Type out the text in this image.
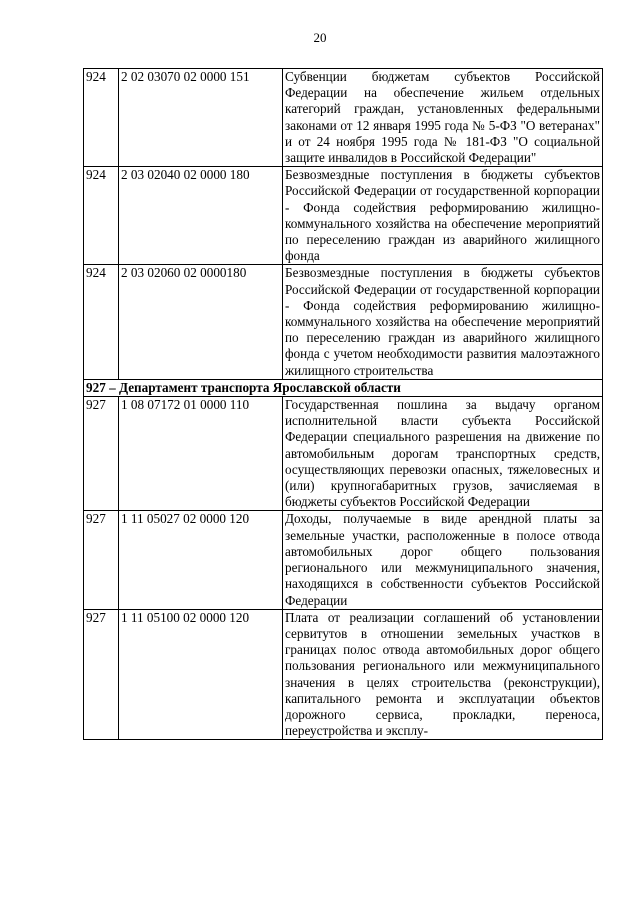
20
924	2 02 03070 02 0000 151	Субвенции бюджетам субъектов Российской Федерации на обеспечение жильем отдельных категорий граждан, установленных федеральными законами от 12 января 1995 года № 5-ФЗ "О ветеранах" и от 24 ноября 1995 года № 181-ФЗ "О социальной защите инвалидов в Российской Федерации"
924	2 03 02040 02 0000 180	Безвозмездные поступления в бюджеты субъектов Российской Федерации от государственной корпорации - Фонда содействия реформированию жилищно-коммунального хозяйства на обеспечение мероприятий по переселению граждан из аварийного жилищного фонда
924	2 03 02060 02 0000180	Безвозмездные поступления в бюджеты субъектов Российской Федерации от государственной корпорации - Фонда содействия реформированию жилищно-коммунального хозяйства на обеспечение мероприятий по переселению граждан из аварийного жилищного фонда с учетом необходимости развития малоэтажного жилищного строительства
927 – Департамент транспорта Ярославской области		
927	1 08 07172 01 0000 110	Государственная пошлина за выдачу органом исполнительной власти субъекта Российской Федерации специального разрешения на движение по автомобильным дорогам транспортных средств, осуществляющих перевозки опасных, тяжеловесных и (или) крупногабаритных грузов, зачисляемая в бюджеты субъектов Российской Федерации
927	1 11 05027 02 0000 120	Доходы, получаемые в виде арендной платы за земельные участки, расположенные в полосе отвода автомобильных дорог общего пользования регионального или межмуниципального значения, находящихся в собственности субъектов Российской Федерации
927	1 11 05100 02 0000 120	Плата от реализации соглашений об установлении сервитутов в отношении земельных участков в границах полос отвода автомобильных дорог общего пользования регионального или межмуниципального значения в целях строительства (реконструкции), капитального ремонта и эксплуатации объектов дорожного сервиса, прокладки, переноса, переустройства и эксплу-
